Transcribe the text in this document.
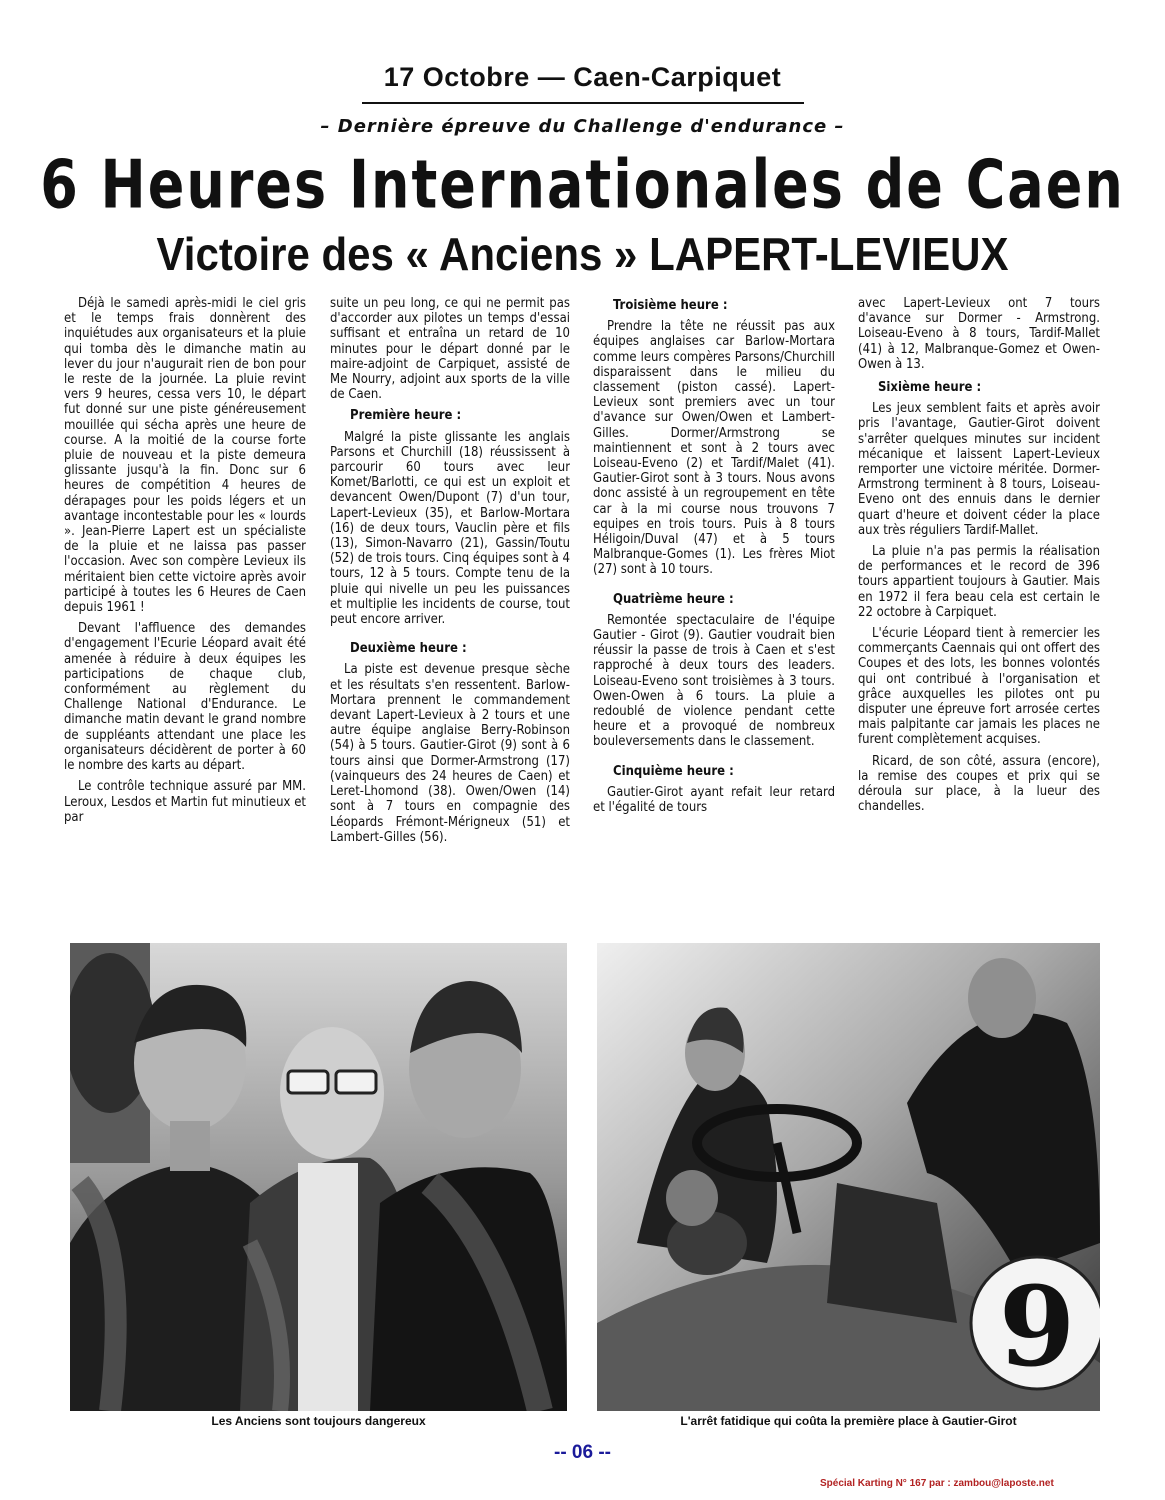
17 Octobre — Caen-Carpiquet
– Dernière épreuve du Challenge d'endurance –
6 Heures Internationales de Caen
Victoire des « Anciens » LAPERT-LEVIEUX

Déjà le samedi après-midi le ciel gris et le temps frais donnèrent des inquiétudes aux organisateurs et la pluie qui tomba dès le dimanche matin au lever du jour n'augurait rien de bon pour le reste de la journée. La pluie revint vers 9 heures, cessa vers 10, le départ fut donné sur une piste généreusement mouillée qui sécha après une heure de course. A la moitié de la course forte pluie de nouveau et la piste demeura glissante jusqu'à la fin. Donc sur 6 heures de compétition 4 heures de dérapages pour les poids légers et un avantage incontestable pour les « lourds ». Jean-Pierre Lapert est un spécialiste de la pluie et ne laissa pas passer l'occasion. Avec son compère Levieux ils méritaient bien cette victoire après avoir participé à toutes les 6 Heures de Caen depuis 1961 !

Devant l'affluence des demandes d'engagement l'Ecurie Léopard avait été amenée à réduire à deux équipes les participations de chaque club, conformément au règlement du Challenge National d'Endurance. Le dimanche matin devant le grand nombre de suppléants attendant une place les organisateurs décidèrent de porter à 60 le nombre des karts au départ.

Le contrôle technique assuré par MM. Leroux, Lesdos et Martin fut minutieux et par

suite un peu long, ce qui ne permit pas d'accorder aux pilotes un temps d'essai suffisant et entraîna un retard de 10 minutes pour le départ donné par le maire-adjoint de Carpiquet, assisté de Me Nourry, adjoint aux sports de la ville de Caen.

Première heure :

Malgré la piste glissante les anglais Parsons et Churchill (18) réussissent à parcourir 60 tours avec leur Komet/Barlotti, ce qui est un exploit et devancent Owen/Dupont (7) d'un tour, Lapert-Levieux (35), et Barlow-Mortara (16) de deux tours, Vauclin père et fils (13), Simon-Navarro (21), Gassin/Toutu (52) de trois tours. Cinq équipes sont à 4 tours, 12 à 5 tours. Compte tenu de la pluie qui nivelle un peu les puissances et multiplie les incidents de course, tout peut encore arriver.

Deuxième heure :

La piste est devenue presque sèche et les résultats s'en ressentent. Barlow-Mortara prennent le commandement devant Lapert-Levieux à 2 tours et une autre équipe anglaise Berry-Robinson (54) à 5 tours. Gautier-Girot (9) sont à 6 tours ainsi que Dormer-Armstrong (17) (vainqueurs des 24 heures de Caen) et Leret-Lhomond (38). Owen/Owen (14) sont à 7 tours en compagnie des Léopards Frémont-Mérigneux (51) et Lambert-Gilles (56).

Troisième heure :

Prendre la tête ne réussit pas aux équipes anglaises car Barlow-Mortara comme leurs compères Parsons/Churchill disparaissent dans le milieu du classement (piston cassé). Lapert-Levieux sont premiers avec un tour d'avance sur Owen/Owen et Lambert-Gilles. Dormer/Armstrong se maintiennent et sont à 2 tours avec Loiseau-Eveno (2) et Tardif/Malet (41). Gautier-Girot sont à 3 tours. Nous avons donc assisté à un regroupement en tête car à la mi course nous trouvons 7 equipes en trois tours. Puis à 8 tours Héligoin/Duval (47) et à 5 tours Malbranque-Gomes (1). Les frères Miot (27) sont à 10 tours.

Quatrième heure :

Remontée spectaculaire de l'équipe Gautier - Girot (9). Gautier voudrait bien réussir la passe de trois à Caen et s'est rapproché à deux tours des leaders. Loiseau-Eveno sont troisièmes à 3 tours. Owen-Owen à 6 tours. La pluie a redoublé de violence pendant cette heure et a provoqué de nombreux bouleversements dans le classement.

Cinquième heure :

Gautier-Girot ayant refait leur retard et l'égalité de tours

avec Lapert-Levieux ont 7 tours d'avance sur Dormer - Armstrong. Loiseau-Eveno à 8 tours, Tardif-Mallet (41) à 12, Malbranque-Gomez et Owen-Owen à 13.

Sixième heure :

Les jeux semblent faits et après avoir pris l'avantage, Gautier-Girot doivent s'arrêter quelques minutes sur incident mécanique et laissent Lapert-Levieux remporter une victoire méritée. Dormer-Armstrong terminent à 8 tours, Loiseau-Eveno ont des ennuis dans le dernier quart d'heure et doivent céder la place aux très réguliers Tardif-Mallet.

La pluie n'a pas permis la réalisation de performances et le record de 396 tours appartient toujours à Gautier. Mais en 1972 il fera beau cela est certain le 22 octobre à Carpiquet.

L'écurie Léopard tient à remercier les commerçants Caennais qui ont offert des Coupes et des lots, les bonnes volontés qui ont contribué à l'organisation et grâce auxquelles les pilotes ont pu disputer une épreuve fort arrosée certes mais palpitante car jamais les places ne furent complètement acquises.

Ricard, de son côté, assura (encore), la remise des coupes et prix qui se déroula sur place, à la lueur des chandelles.

9
Les Anciens sont toujours dangereux	L'arrêt fatidique qui coûta la première place à Gautier-Girot
-- 06 --
Spécial Karting N° 167 par : zambou@laposte.net
